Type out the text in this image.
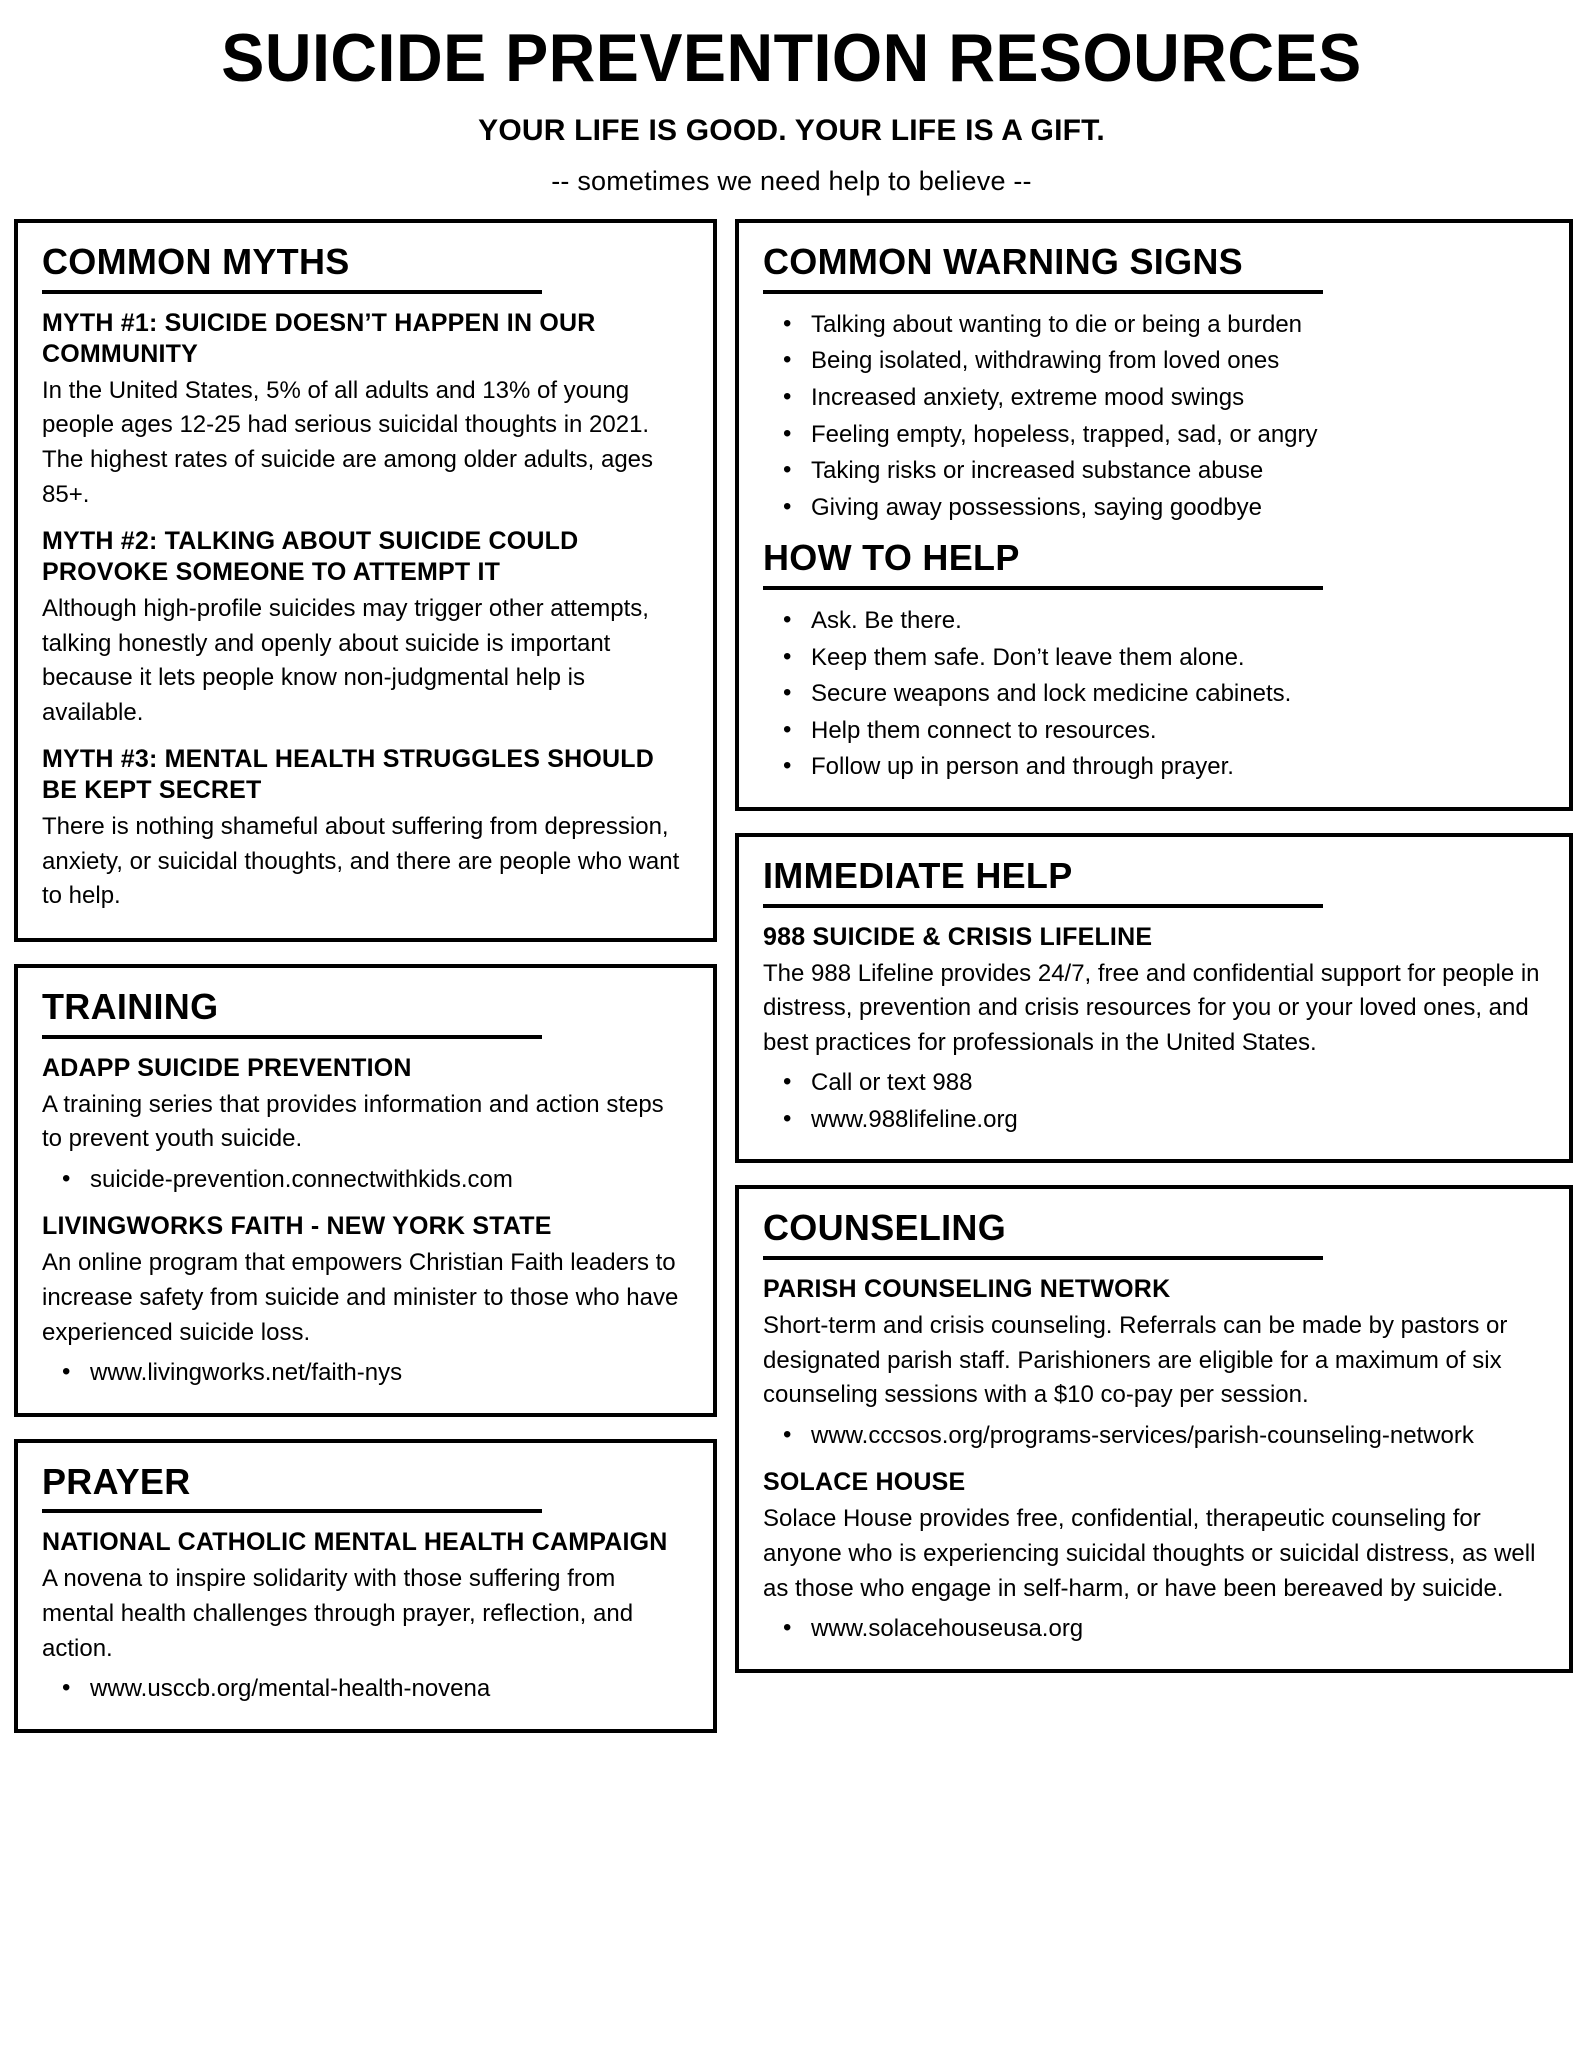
SUICIDE PREVENTION RESOURCES
YOUR LIFE IS GOOD. YOUR LIFE IS A GIFT.

-- sometimes we need help to believe --

COMMON MYTHS
MYTH #1: SUICIDE DOESN’T HAPPEN IN OUR COMMUNITY

In the United States, 5% of all adults and 13% of young people ages 12-25 had serious suicidal thoughts in 2021. The highest rates of suicide are among older adults, ages 85+.

MYTH #2: TALKING ABOUT SUICIDE COULD PROVOKE SOMEONE TO ATTEMPT IT

Although high-profile suicides may trigger other attempts, talking honestly and openly about suicide is important because it lets people know non-judgmental help is available.

MYTH #3: MENTAL HEALTH STRUGGLES SHOULD BE KEPT SECRET

There is nothing shameful about suffering from depression, anxiety, or suicidal thoughts, and there are people who want to help.

TRAINING
ADAPP SUICIDE PREVENTION

A training series that provides information and action steps to prevent youth suicide.

• suicide-prevention.connectwithkids.com
LIVINGWORKS FAITH - NEW YORK STATE

An online program that empowers Christian Faith leaders to increase safety from suicide and minister to those who have experienced suicide loss.

• www.livingworks.net/faith-nys
PRAYER
NATIONAL CATHOLIC MENTAL HEALTH CAMPAIGN

A novena to inspire solidarity with those suffering from mental health challenges through prayer, reflection, and action.

• www.usccb.org/mental-health-novena
COMMON WARNING SIGNS
• Talking about wanting to die or being a burden
• Being isolated, withdrawing from loved ones
• Increased anxiety, extreme mood swings
• Feeling empty, hopeless, trapped, sad, or angry
• Taking risks or increased substance abuse
• Giving away possessions, saying goodbye
HOW TO HELP
• Ask. Be there.
• Keep them safe. Don’t leave them alone.
• Secure weapons and lock medicine cabinets.
• Help them connect to resources.
• Follow up in person and through prayer.
IMMEDIATE HELP
988 SUICIDE & CRISIS LIFELINE

The 988 Lifeline provides 24/7, free and confidential support for people in distress, prevention and crisis resources for you or your loved ones, and best practices for professionals in the United States.

• Call or text 988
• www.988lifeline.org
COUNSELING
PARISH COUNSELING NETWORK

Short-term and crisis counseling. Referrals can be made by pastors or designated parish staff. Parishioners are eligible for a maximum of six counseling sessions with a $10 co-pay per session.

• www.cccsos.org/programs-services/parish-counseling-network
SOLACE HOUSE

Solace House provides free, confidential, therapeutic counseling for anyone who is experiencing suicidal thoughts or suicidal distress, as well as those who engage in self-harm, or have been bereaved by suicide.

• www.solacehouseusa.org
